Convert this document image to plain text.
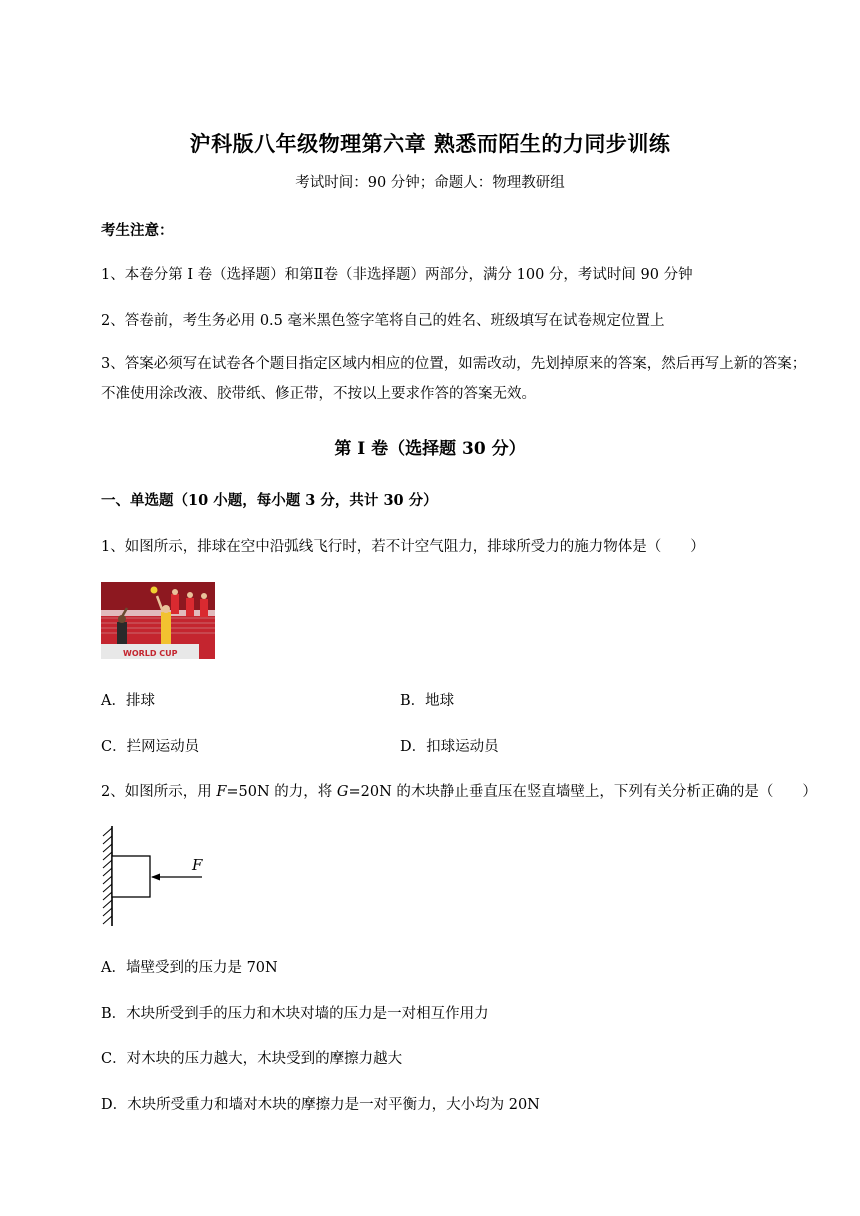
沪科版八年级物理第六章 熟悉而陌生的力同步训练
考试时间：90 分钟；命题人：物理教研组
考生注意：
1、本卷分第 I 卷（选择题）和第Ⅱ卷（非选择题）两部分，满分 100 分，考试时间 90 分钟
2、答卷前，考生务必用 0.5 毫米黑色签字笔将自己的姓名、班级填写在试卷规定位置上
3、答案必须写在试卷各个题目指定区域内相应的位置，如需改动，先划掉原来的答案，然后再写上新的答案；不准使用涂改液、胶带纸、修正带，不按以上要求作答的答案无效。
第 I 卷（选择题 30 分）
一、单选题（10 小题，每小题 3 分，共计 30 分）
1、如图所示，排球在空中沿弧线飞行时，若不计空气阻力，排球所受力的施力物体是（　　）
WORLD CUP
A．排球	B．地球
C．拦网运动员	D．扣球运动员
2、如图所示，用 F=50N 的力，将 G=20N 的木块静止垂直压在竖直墙壁上，下列有关分析正确的是（　　）
F
A．墙壁受到的压力是 70N
B．木块所受到手的压力和木块对墙的压力是一对相互作用力
C．对木块的压力越大，木块受到的摩擦力越大
D．木块所受重力和墙对木块的摩擦力是一对平衡力，大小均为 20N
